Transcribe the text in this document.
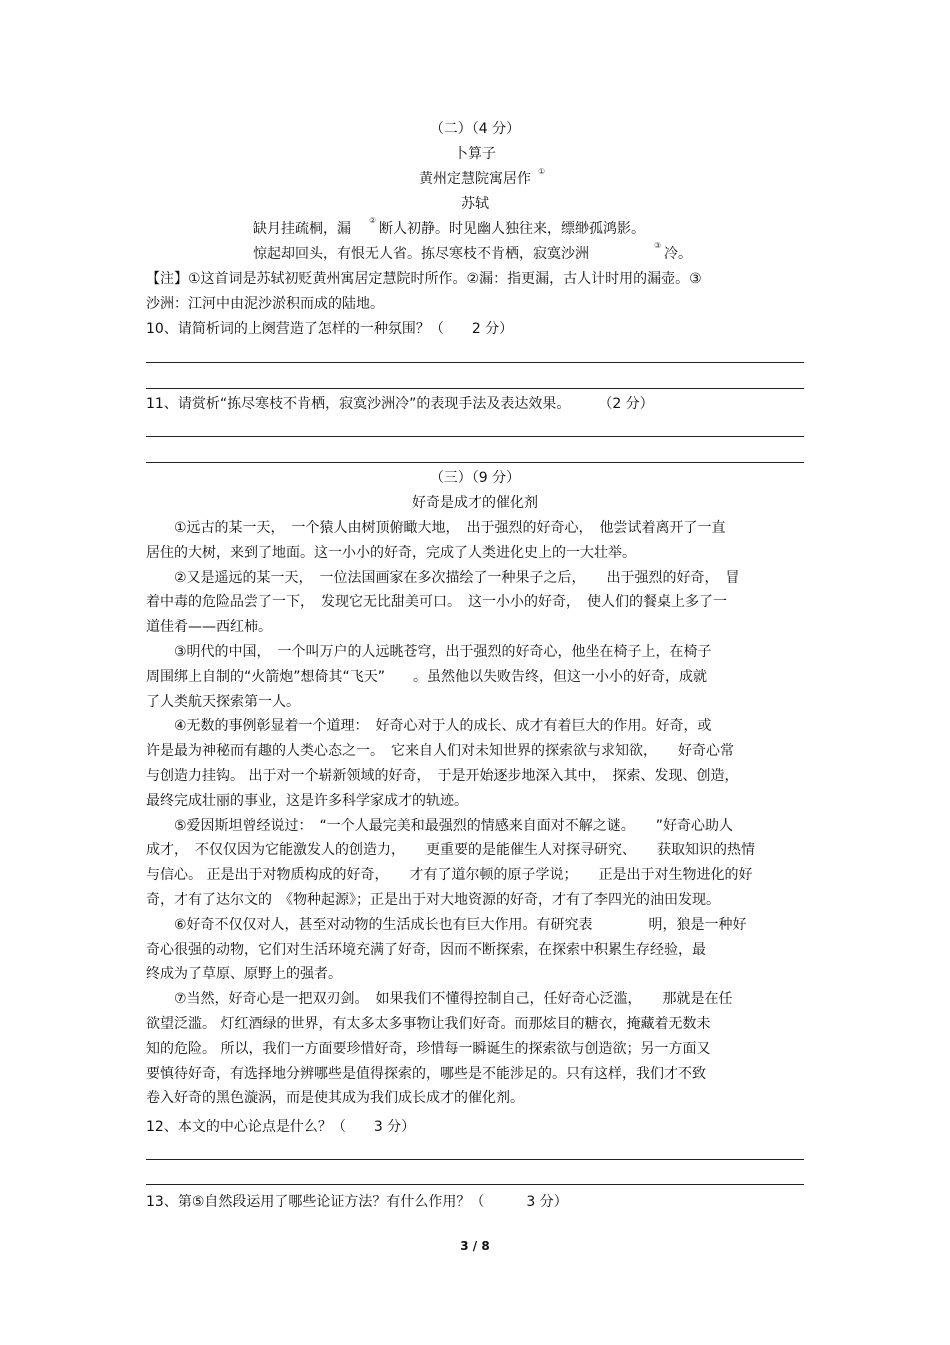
（二）（4 分）
卜算子
黄州定慧院寓居作 ①
苏轼
缺月挂疏桐，漏
②
断人初静。时见幽人独往来，缥缈孤鸿影。
惊起却回头，有恨无人省。拣尽寒枝不肯栖，寂寞沙洲
③
冷。
【注】①这首词是苏轼初贬黄州寓居定慧院时所作。②漏：指更漏，古人计时用的漏壶。③
沙洲：江河中由泥沙淤积而成的陆地。
10、请简析词的上阕营造了怎样的一种氛围？（　　2 分）
11、请赏析“拣尽寒枝不肯栖，寂寞沙洲冷”的表现手法及表达效果。　　　（2 分）
（三）（9 分）
好奇是成才的催化剂
　　①远古的某一天，　一个猿人由树顶俯瞰大地，　出于强烈的好奇心，　他尝试着离开了一直
居住的大树，来到了地面。这一小小的好奇，完成了人类进化史上的一大壮举。
　　②又是遥远的某一天，　一位法国画家在多次描绘了一种果子之后，　　出于强烈的好奇，　冒
着中毒的危险品尝了一下，　发现它无比甜美可口。　这一小小的好奇，　使人们的餐桌上多了一
道佳肴——西红柿。
　　③明代的中国，　一个叫万户的人远眺苍穹，出于强烈的好奇心，他坐在椅子上，在椅子
周围绑上自制的“火箭炮”想倚其“飞天”　　。虽然他以失败告终，但这一小小的好奇，成就
了人类航天探索第一人。
　　④无数的事例彰显着一个道理：　好奇心对于人的成长、成才有着巨大的作用。好奇，或
许是最为神秘而有趣的人类心态之一。　它来自人们对未知世界的探索欲与求知欲，　　好奇心常
与创造力挂钩。 出于对一个崭新领域的好奇，　于是开始逐步地深入其中，　探索、发现、创造，
最终完成壮丽的事业，这是许多科学家成才的轨迹。
　　⑤爱因斯坦曾经说过：　“一个人最完美和最强烈的情感来自面对不解之谜。　　”好奇心助人
成才，　不仅仅因为它能激发人的创造力，　　更重要的是能催生人对探寻研究、　　获取知识的热情
与信心。 正是出于对物质构成的好奇，　　才有了道尔顿的原子学说；　　正是出于对生物进化的好
奇，才有了达尔文的　《物种起源》；正是出于对大地资源的好奇，才有了李四光的油田发现。
　　⑥好奇不仅仅对人，甚至对动物的生活成长也有巨大作用。有研究表　　　　明，狼是一种好
奇心很强的动物，它们对生活环境充满了好奇，因而不断探索，在探索中积累生存经验，最
终成为了草原、原野上的强者。
　　⑦当然，好奇心是一把双刃剑。　如果我们不懂得控制自己，任好奇心泛滥，　　那就是在任
欲望泛滥。 灯红酒绿的世界，有太多太多事物让我们好奇。而那炫目的糖衣，掩藏着无数未
知的危险。 所以，我们一方面要珍惜好奇，珍惜每一瞬诞生的探索欲与创造欲；另一方面又
要慎待好奇，有选择地分辨哪些是值得探索的，哪些是不能涉足的。只有这样，我们才不致
卷入好奇的黑色漩涡，而是使其成为我们成长成才的催化剂。
12、本文的中心论点是什么？（　　3 分）
13、第⑤自然段运用了哪些论证方法？有什么作用？（　　　3 分）
3 / 8
